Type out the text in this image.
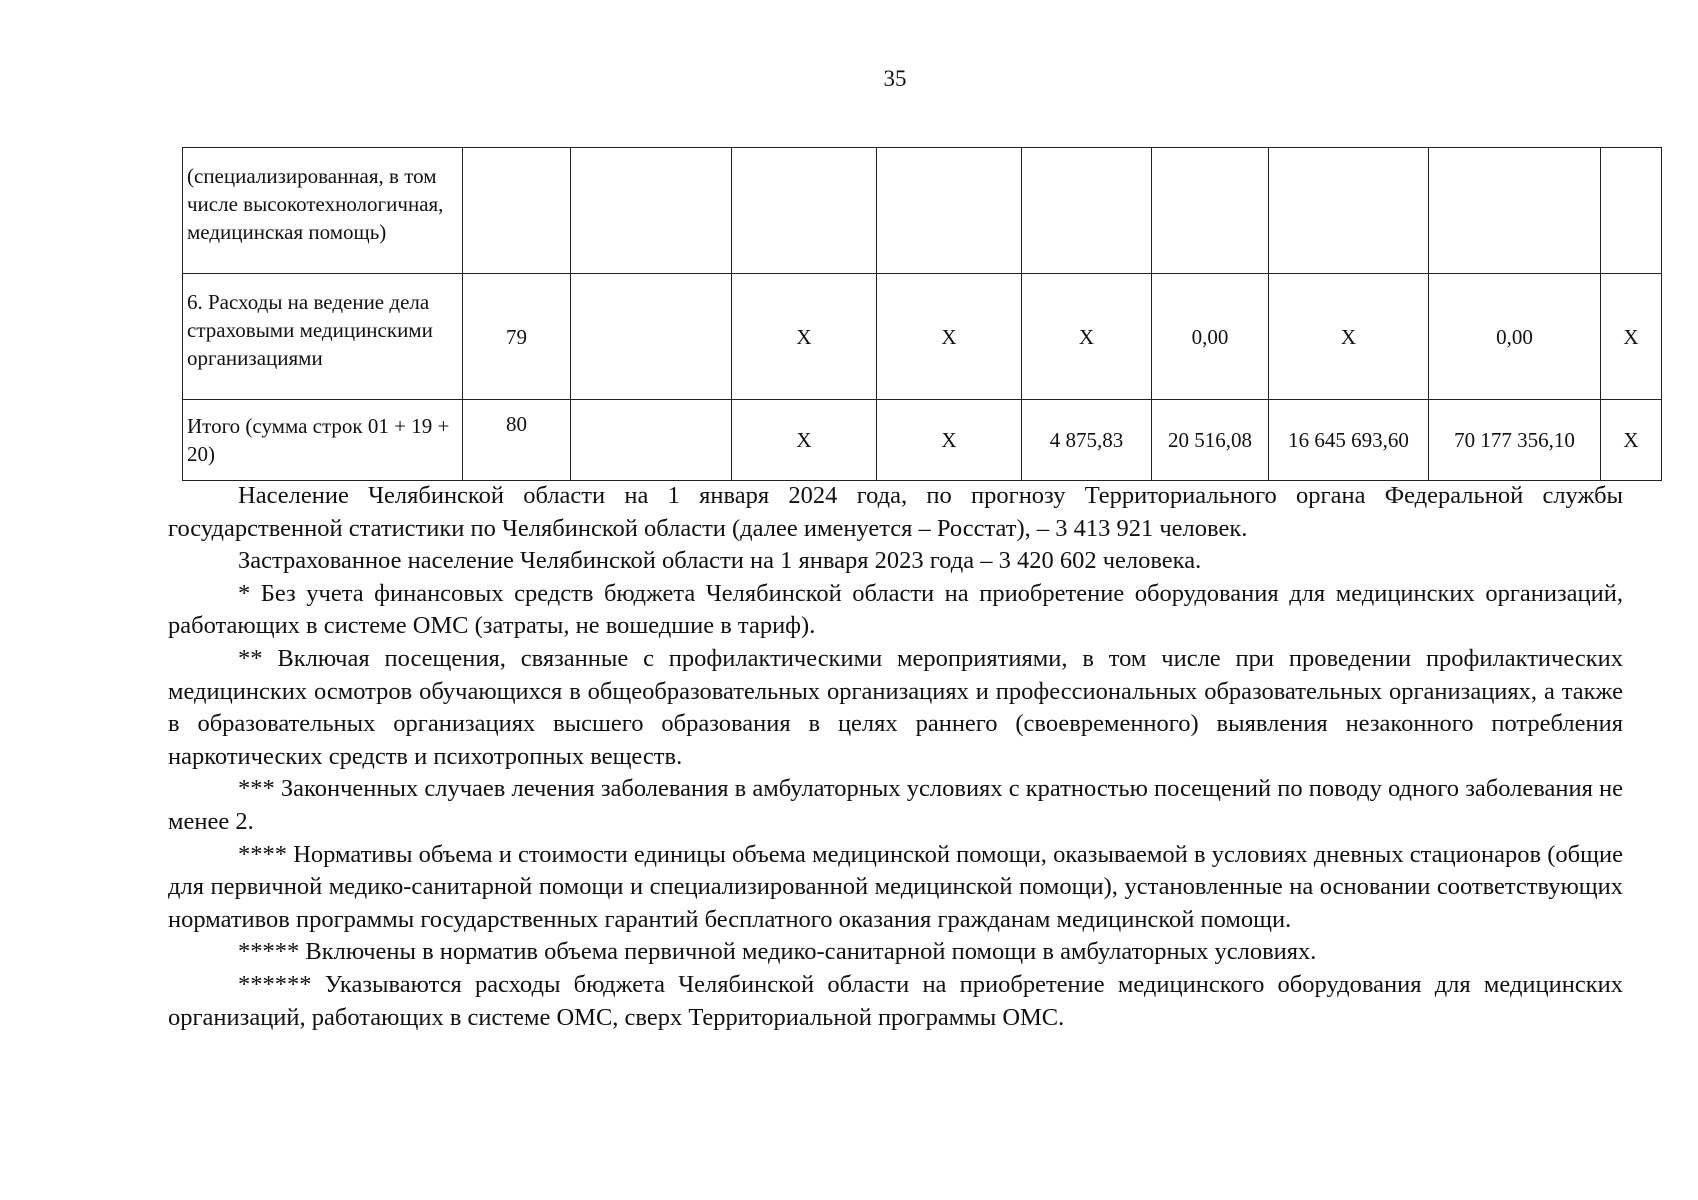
35
(специализированная, в том числе высокотехнологичная, медицинская помощь)									
6. Расходы на ведение дела страховыми медицинскими организациями	79		Х	Х	Х	0,00	Х	0,00	Х
Итого (сумма строк 01 + 19 + 20)	80		Х	Х	4 875,83	20 516,08	16 645 693,60	70 177 356,10	Х

Население Челябинской области на 1 января 2024 года, по прогнозу Территориального органа Федеральной службы государственной статистики по Челябинской области (далее именуется – Росстат), – 3 413 921 человек.

Застрахованное население Челябинской области на 1 января 2023 года – 3 420 602 человека.

* Без учета финансовых средств бюджета Челябинской области на приобретение оборудования для медицинских организаций, работающих в системе ОМС (затраты, не вошедшие в тариф).

** Включая посещения, связанные с профилактическими мероприятиями, в том числе при проведении профилактических медицинских осмотров обучающихся в общеобразовательных организациях и профессиональных образовательных организациях, а также в образовательных организациях высшего образования в целях раннего (своевременного) выявления незаконного потребления наркотических средств и психотропных веществ.

*** Законченных случаев лечения заболевания в амбулаторных условиях с кратностью посещений по поводу одного заболевания не менее 2.

**** Нормативы объема и стоимости единицы объема медицинской помощи, оказываемой в условиях дневных стационаров (общие для первичной медико-санитарной помощи и специализированной медицинской помощи), установленные на основании соответствующих нормативов программы государственных гарантий бесплатного оказания гражданам медицинской помощи.

***** Включены в норматив объема первичной медико-санитарной помощи в амбулаторных условиях.

****** Указываются расходы бюджета Челябинской области на приобретение медицинского оборудования для медицинских организаций, работающих в системе ОМС, сверх Территориальной программы ОМС.
